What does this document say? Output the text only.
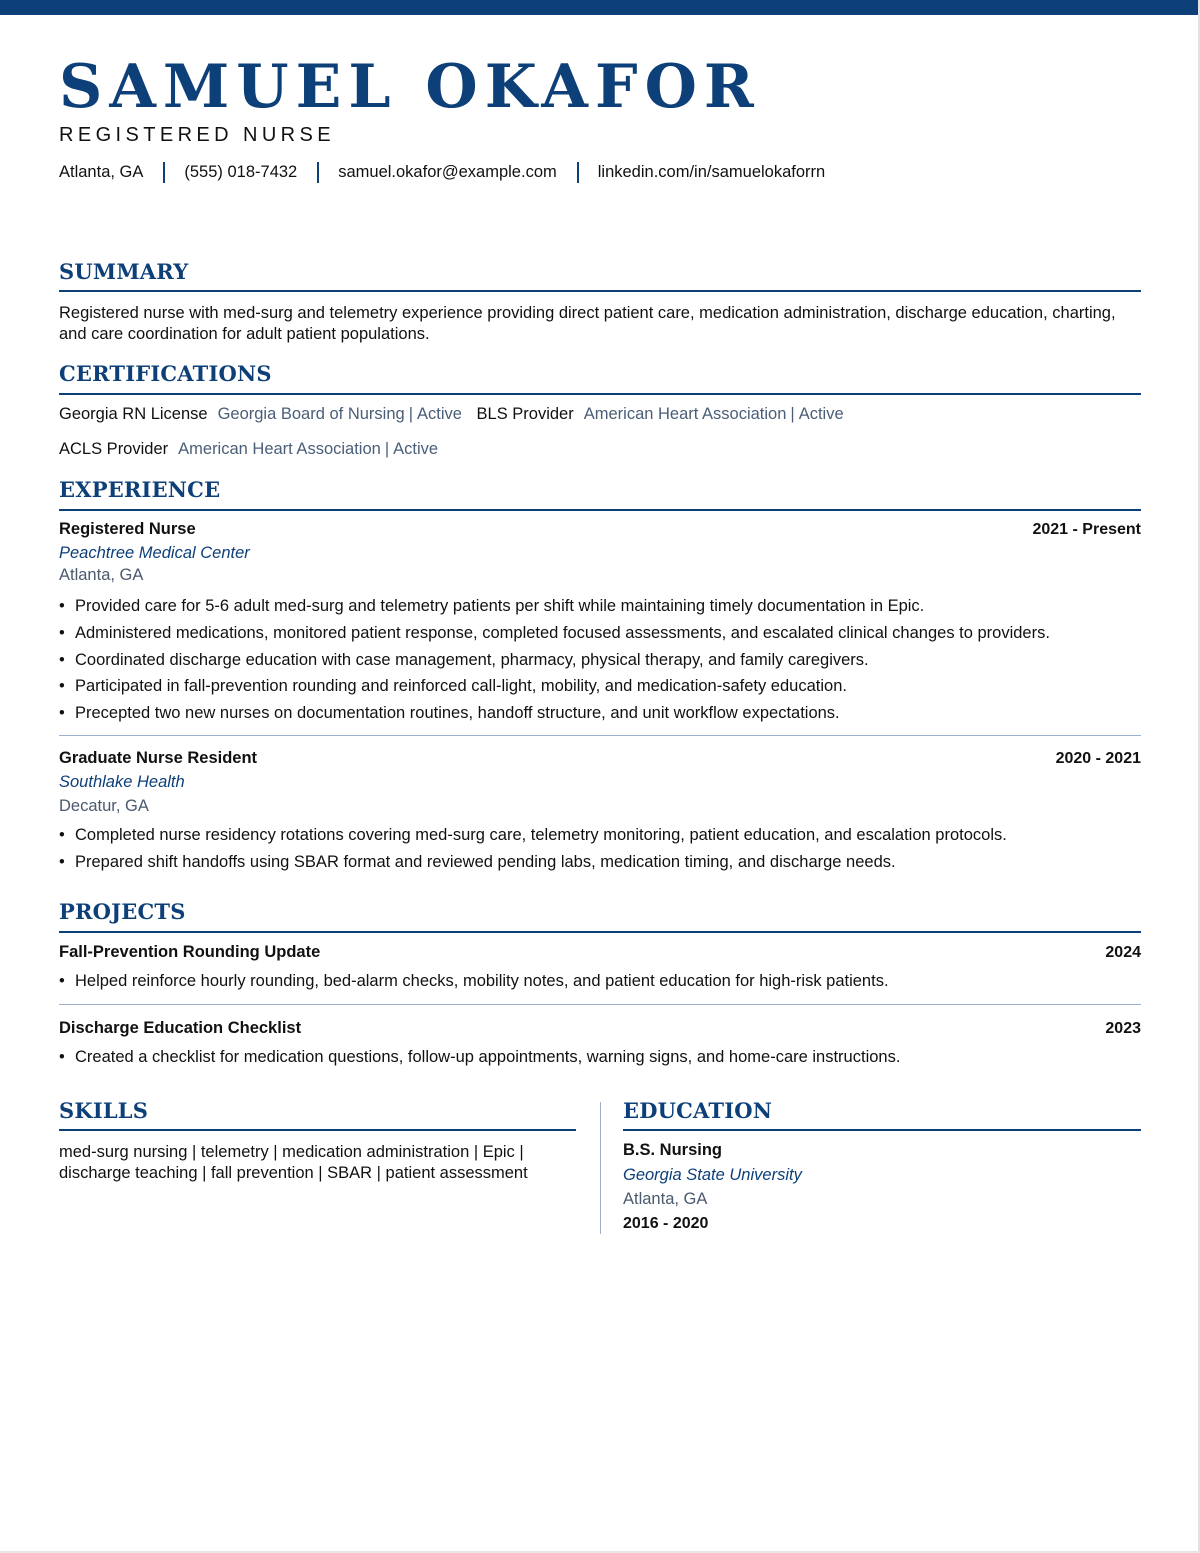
SAMUEL OKAFOR
REGISTERED NURSE
Atlanta, GA (555) 018-7432 samuel.okafor@example.com linkedin.com/in/samuelokaforrn
SUMMARY
Registered nurse with med-surg and telemetry experience providing direct patient care, medication administration, discharge education, charting, and care coordination for adult patient populations.
CERTIFICATIONS
Georgia RN License Georgia Board of Nursing | Active BLS Provider American Heart Association | Active
ACLS Provider American Heart Association | Active
EXPERIENCE
Registered Nurse	2021 - Present
Peachtree Medical Center
Atlanta, GA
• Provided care for 5-6 adult med-surg and telemetry patients per shift while maintaining timely documentation in Epic.
• Administered medications, monitored patient response, completed focused assessments, and escalated clinical changes to providers.
• Coordinated discharge education with case management, pharmacy, physical therapy, and family caregivers.
• Participated in fall-prevention rounding and reinforced call-light, mobility, and medication-safety education.
• Precepted two new nurses on documentation routines, handoff structure, and unit workflow expectations.
Graduate Nurse Resident	2020 - 2021
Southlake Health
Decatur, GA
• Completed nurse residency rotations covering med-surg care, telemetry monitoring, patient education, and escalation protocols.
• Prepared shift handoffs using SBAR format and reviewed pending labs, medication timing, and discharge needs.
PROJECTS
Fall-Prevention Rounding Update	2024
• Helped reinforce hourly rounding, bed-alarm checks, mobility notes, and patient education for high-risk patients.
Discharge Education Checklist	2023
• Created a checklist for medication questions, follow-up appointments, warning signs, and home-care instructions.
SKILLS
med-surg nursing | telemetry | medication administration | Epic | discharge teaching | fall prevention | SBAR | patient assessment
EDUCATION
B.S. Nursing
Georgia State University
Atlanta, GA
2016 - 2020
